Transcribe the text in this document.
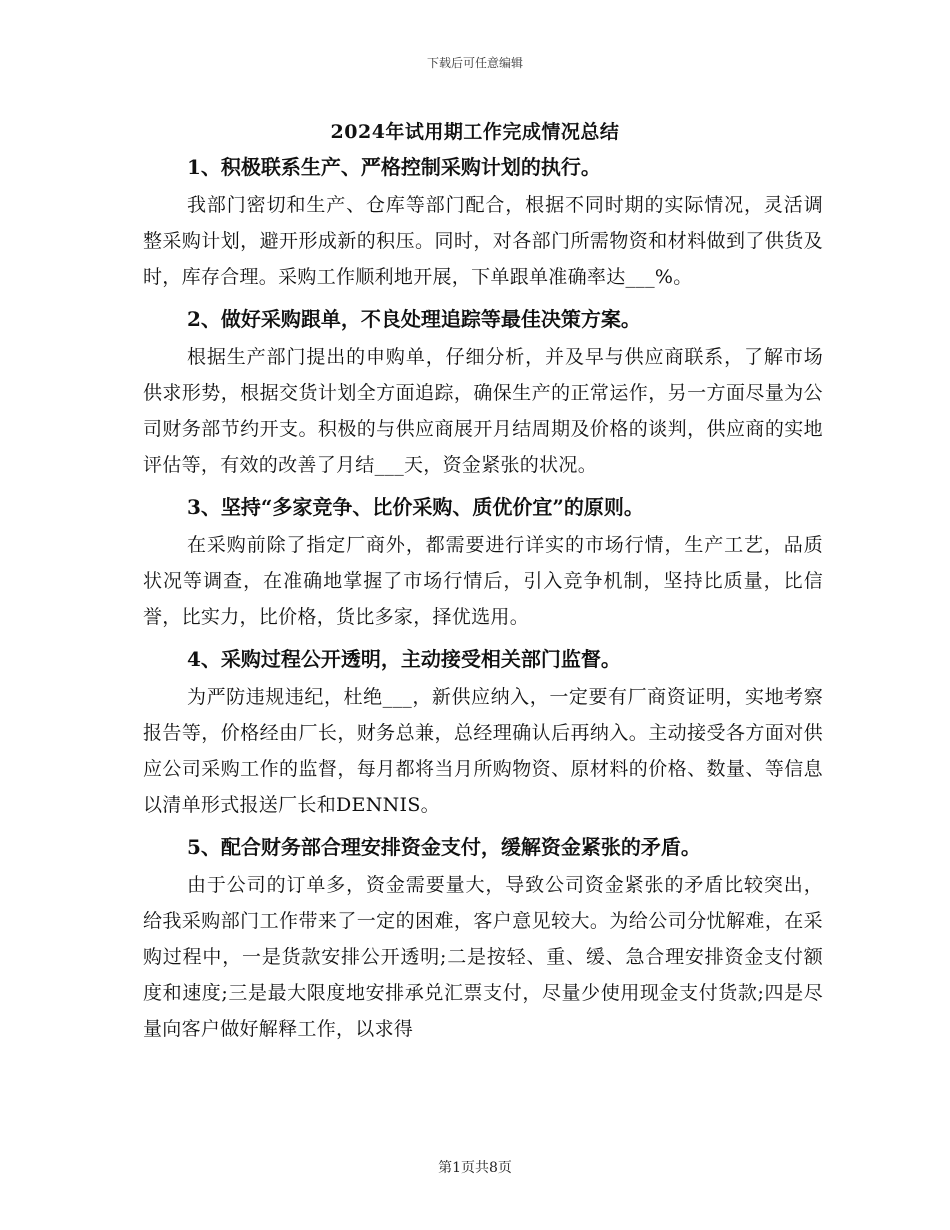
下载后可任意编辑
2024年试用期工作完成情况总结
1、积极联系生产、严格控制采购计划的执行。
我部门密切和生产、仓库等部门配合，根据不同时期的实际情况，灵活调整采购计划，避开形成新的积压。同时，对各部门所需物资和材料做到了供货及时，库存合理。采购工作顺利地开展，下单跟单准确率达___%。
2、做好采购跟单，不良处理追踪等最佳决策方案。
根据生产部门提出的申购单，仔细分析，并及早与供应商联系，了解市场供求形势，根据交货计划全方面追踪，确保生产的正常运作，另一方面尽量为公司财务部节约开支。积极的与供应商展开月结周期及价格的谈判，供应商的实地评估等，有效的改善了月结___天，资金紧张的状况。
3、坚持“多家竞争、比价采购、质优价宜”的原则。
在采购前除了指定厂商外，都需要进行详实的市场行情，生产工艺，品质状况等调查，在准确地掌握了市场行情后，引入竞争机制，坚持比质量，比信誉，比实力，比价格，货比多家，择优选用。
4、采购过程公开透明，主动接受相关部门监督。
为严防违规违纪，杜绝___，新供应纳入，一定要有厂商资证明，实地考察报告等，价格经由厂长，财务总兼，总经理确认后再纳入。主动接受各方面对供应公司采购工作的监督，每月都将当月所购物资、原材料的价格、数量、等信息以清单形式报送厂长和DENNIS。
5、配合财务部合理安排资金支付，缓解资金紧张的矛盾。
由于公司的订单多，资金需要量大，导致公司资金紧张的矛盾比较突出，给我采购部门工作带来了一定的困难，客户意见较大。为给公司分忧解难，在采购过程中，一是货款安排公开透明;二是按轻、重、缓、急合理安排资金支付额度和速度;三是最大限度地安排承兑汇票支付，尽量少使用现金支付货款;四是尽量向客户做好解释工作，以求得
第1页共8页
